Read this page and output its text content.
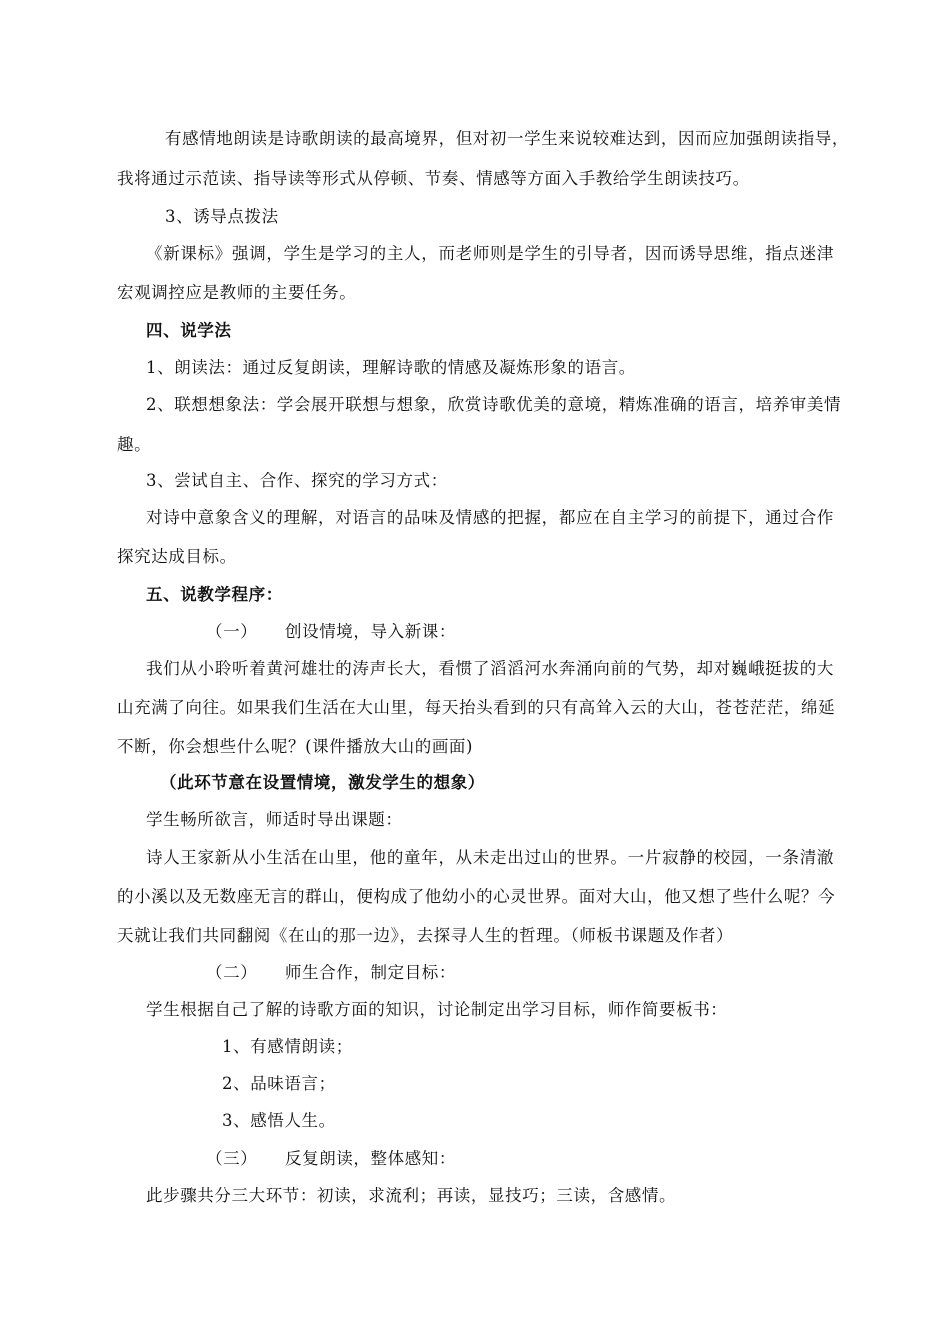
有感情地朗读是诗歌朗读的最高境界，但对初一学生来说较难达到，因而应加强朗读指导，
我将通过示范读、指导读等形式从停顿、节奏、情感等方面入手教给学生朗读技巧。
3、诱导点拨法
《新课标》强调，学生是学习的主人，而老师则是学生的引导者，因而诱导思维，指点迷津
宏观调控应是教师的主要任务。
四、说学法
1、朗读法：通过反复朗读，理解诗歌的情感及凝炼形象的语言。
2、联想想象法：学会展开联想与想象，欣赏诗歌优美的意境，精炼准确的语言，培养审美情
趣。
3、尝试自主、合作、探究的学习方式：
对诗中意象含义的理解，对语言的品味及情感的把握，都应在自主学习的前提下，通过合作
探究达成目标。
五、说教学程序：
（一） 创设情境，导入新课：
我们从小聆听着黄河雄壮的涛声长大，看惯了滔滔河水奔涌向前的气势，却对巍峨挺拔的大
山充满了向往。如果我们生活在大山里，每天抬头看到的只有高耸入云的大山，苍苍茫茫，绵延
不断，你会想些什么呢？(课件播放大山的画面)
（此环节意在设置情境，激发学生的想象）
学生畅所欲言，师适时导出课题：
诗人王家新从小生活在山里，他的童年，从未走出过山的世界。一片寂静的校园，一条清澈
的小溪以及无数座无言的群山，便构成了他幼小的心灵世界。面对大山，他又想了些什么呢？今
天就让我们共同翻阅《在山的那一边》，去探寻人生的哲理。（师板书课题及作者）
（二） 师生合作，制定目标：
学生根据自己了解的诗歌方面的知识，讨论制定出学习目标，师作简要板书：
1、有感情朗读；
2、品味语言；
3、感悟人生。
（三） 反复朗读，整体感知：
此步骤共分三大环节：初读，求流利；再读，显技巧；三读，含感情。
